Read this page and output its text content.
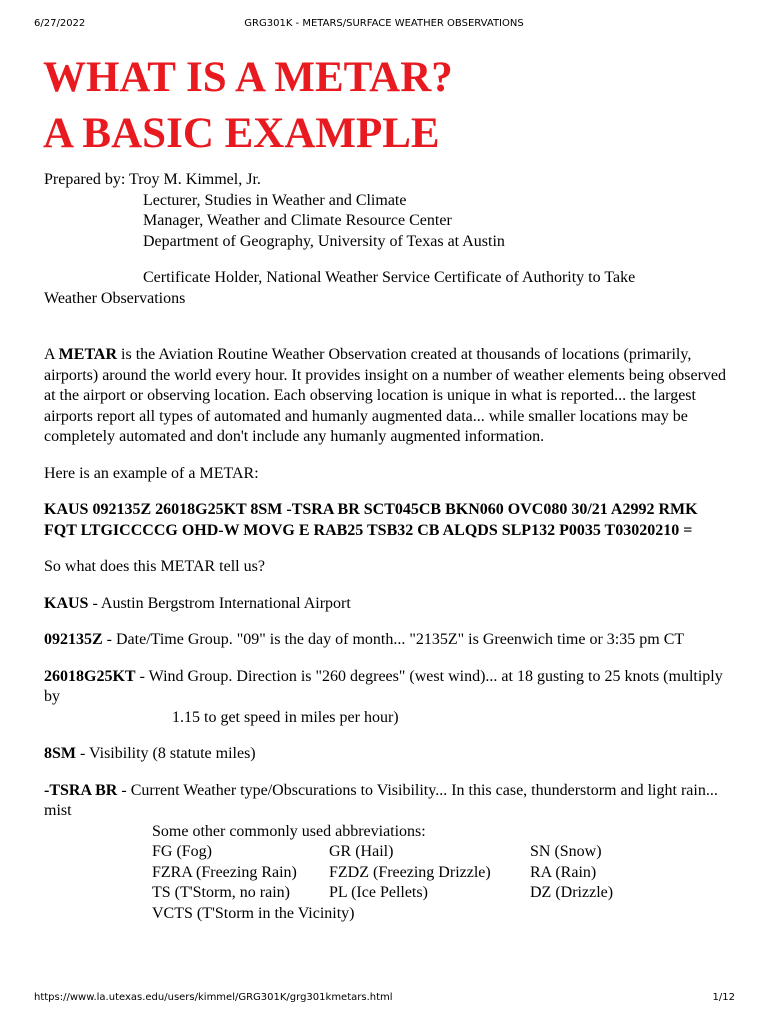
6/27/2022	GRG301K - METARS/SURFACE WEATHER OBSERVATIONS
WHAT IS A METAR?
A BASIC EXAMPLE

Prepared by: Troy M. Kimmel, Jr.

Lecturer, Studies in Weather and Climate

Manager, Weather and Climate Resource Center

Department of Geography, University of Texas at Austin

Certificate Holder, National Weather Service Certificate of Authority to Take
Weather Observations

A METAR is the Aviation Routine Weather Observation created at thousands of locations (primarily, airports) around the world every hour. It provides insight on a number of weather elements being observed at the airport or observing location. Each observing location is unique in what is reported... the largest airports report all types of automated and humanly augmented data... while smaller locations may be completely automated and don't include any humanly augmented information.

Here is an example of a METAR:

KAUS 092135Z 26018G25KT 8SM -TSRA BR SCT045CB BKN060 OVC080 30/21 A2992 RMK FQT LTGICCCCG OHD-W MOVG E RAB25 TSB32 CB ALQDS SLP132 P0035 T03020210 =

So what does this METAR tell us?

KAUS - Austin Bergstrom International Airport

092135Z - Date/Time Group. "09" is the day of month... "2135Z" is Greenwich time or 3:35 pm CT

26018G25KT - Wind Group. Direction is "260 degrees" (west wind)... at 18 gusting to 25 knots (multiply by

1.15 to get speed in miles per hour)

8SM - Visibility (8 statute miles)

-TSRA BR - Current Weather type/Obscurations to Visibility... In this case, thunderstorm and light rain... mist

Some other commonly used abbreviations:

FG (Fog)	GR (Hail)	SN (Snow)
FZRA (Freezing Rain)	FZDZ (Freezing Drizzle)	RA (Rain)
TS (T'Storm, no rain)	PL (Ice Pellets)	DZ (Drizzle)

VCTS (T'Storm in the Vicinity)

https://www.la.utexas.edu/users/kimmel/GRG301K/grg301kmetars.html	1/12
